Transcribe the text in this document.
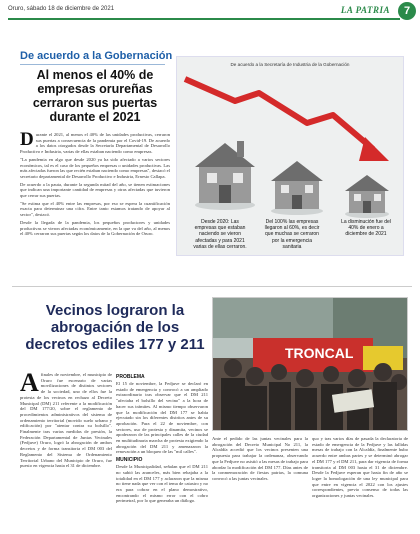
Oruro, sábado 18 de diciembre de 2021	LA PATRIA	7
De acuerdo a la Gobernación
Al menos el 40% de empresas orureñas cerraron sus puertas durante el 2021

Durante el 2021, al menos el 40% de las unidades productivas, cerraron sus puertas a consecuencia de la pandemia por el Covid-19. De acuerdo a los datos otorgados desde la Secretaría Departamental de Desarrollo Productivo e Industria, varias de ellas estaban naciendo como empresas.

"La pandemia en algo que desde 2020 ya ha sido afectado a varios sectores económicos, tal es el caso de los pequeños empresas o unidades productivas. Las más afectadas fueron las que recién estaban naciendo como empresas", destacó el secretario departamental de Desarrollo Productivo e Industria, Ernesto Callapa.

De acuerdo a la pauta, durante la segunda mitad del año, se tienen estimaciones que indican una importante cantidad de empresas y otras afectadas que tuvieron que cerrar sus puertas.

"Se estima que el 40% entre las empresas, por eso se espera la cuantificación exacta para determinar una cifra. Entre tanto estamos tratando de apoyar al sector", destacó.

Desde la llegada de la pandemia, los pequeños productores y unidades productivas se vieron afectadas económicamente, en la que va del año, al menos el 40% cerraron sus puertas según los datos de la Gobernación de Oruro.

De acuerdo a la Secretaría de Industria de la Gobernación
Desde 2020: Las empresas que estaban naciendo se vieron afectadas y para 2021 varias de ellas cerraron.
Del 100% las empresas llegaron al 60%, es decir que muchas se cerraron por la emergencia sanitaria
La disminución fue del 40% de enero a diciembre de 2021
Vecinos lograron la abrogación de los decretos ediles 177 y 211	TRONCAL

Afinales de noviembre, el municipio de Oruro fue escenario de varias movilizaciones de distintos sectores de la sociedad, uno de ellos fue la protesta de los vecinos en rechazo al Decreto Municipal (DM) 211 referente a la modificación del DM 177/20, sobre el reglamento de procedimientos administrativos del sistema de ordenamiento territorial (movido suelo urbano y edificación) por "atentar contra su bolsillo". Finalmente tras varias medidas de presión, la Federación Departamental de Juntas Vecinales (Fedjuve) Oruro, logró la abrogación de ambos decretos y de forma transitoria el DM 003 del Reglamento del Sistema de Ordenamiento Territorial Urbano del Municipio de Oruro, fue puesto en vigencia hasta el 31 de diciembre.

PROBLEMA

El 15 de noviembre, la Fedjuve se declaró en estado de emergencia y convocó a un ampliado extraordinario tras observar que el DM 211 "afectaba el bolsillo del vecino" a la hora de hacer sus trámites. Al mismo tiempo observaron que la modificación del DM 177 se había ejecutado sin los diferentes distritos antes de su aprobación. Para el 22 de noviembre, con sectores, uso de protesta y dinamita, vecinos se apoderaron de las principales calles de la ciudad en multitudinaria marcha de protesta exigiendo la abrogación del DM 211 y amenazaron la renovación a un bloqueo de las "mil calles".

MUNICIPIO

Desde la Municipalidad, señalan que el DM 211 no subió las aranceles, más bien rebajaba a la totalidad en el DM 177 y aclararon que la misma no tiene nada que ver con el tema de catastro y no era para cobrar en el plano demostrativo, encontrando el mismo error con el cobro perimetral, por lo que generaba un diálogo.

Ante el pedido de las juntas vecinales para la abrogación del Decreto Municipal No 211, la Alcaldía accedió que los vecinos presenten una propuesta para trabajar la ordenanza, observando que la Fedjuve no asistió a las mesas de trabajo para abordar la modificación del DM 177. Días antes de la conmemoración de fiestas patrias, la comuna convocó a las juntas vecinales.

quo y tras varios días de pasada la declaratoria de estado de emergencia de la Fedjuve y las fallidas mesas de trabajo con la Alcaldía, finalmente hubo acuerdo entre ambas partes y se determinó abrogar el DM 177 y el DM 211, para dar vigencia de forma transitoria al DM 003 hasta el 31 de diciembre. Desde la Fedjuve esperan que hasta fin de año se logre la homologación de una ley municipal para que entre en vigencia el 2022 con los ajustes correspondientes, previo consenso de todas las organizaciones y juntas vecinales.
